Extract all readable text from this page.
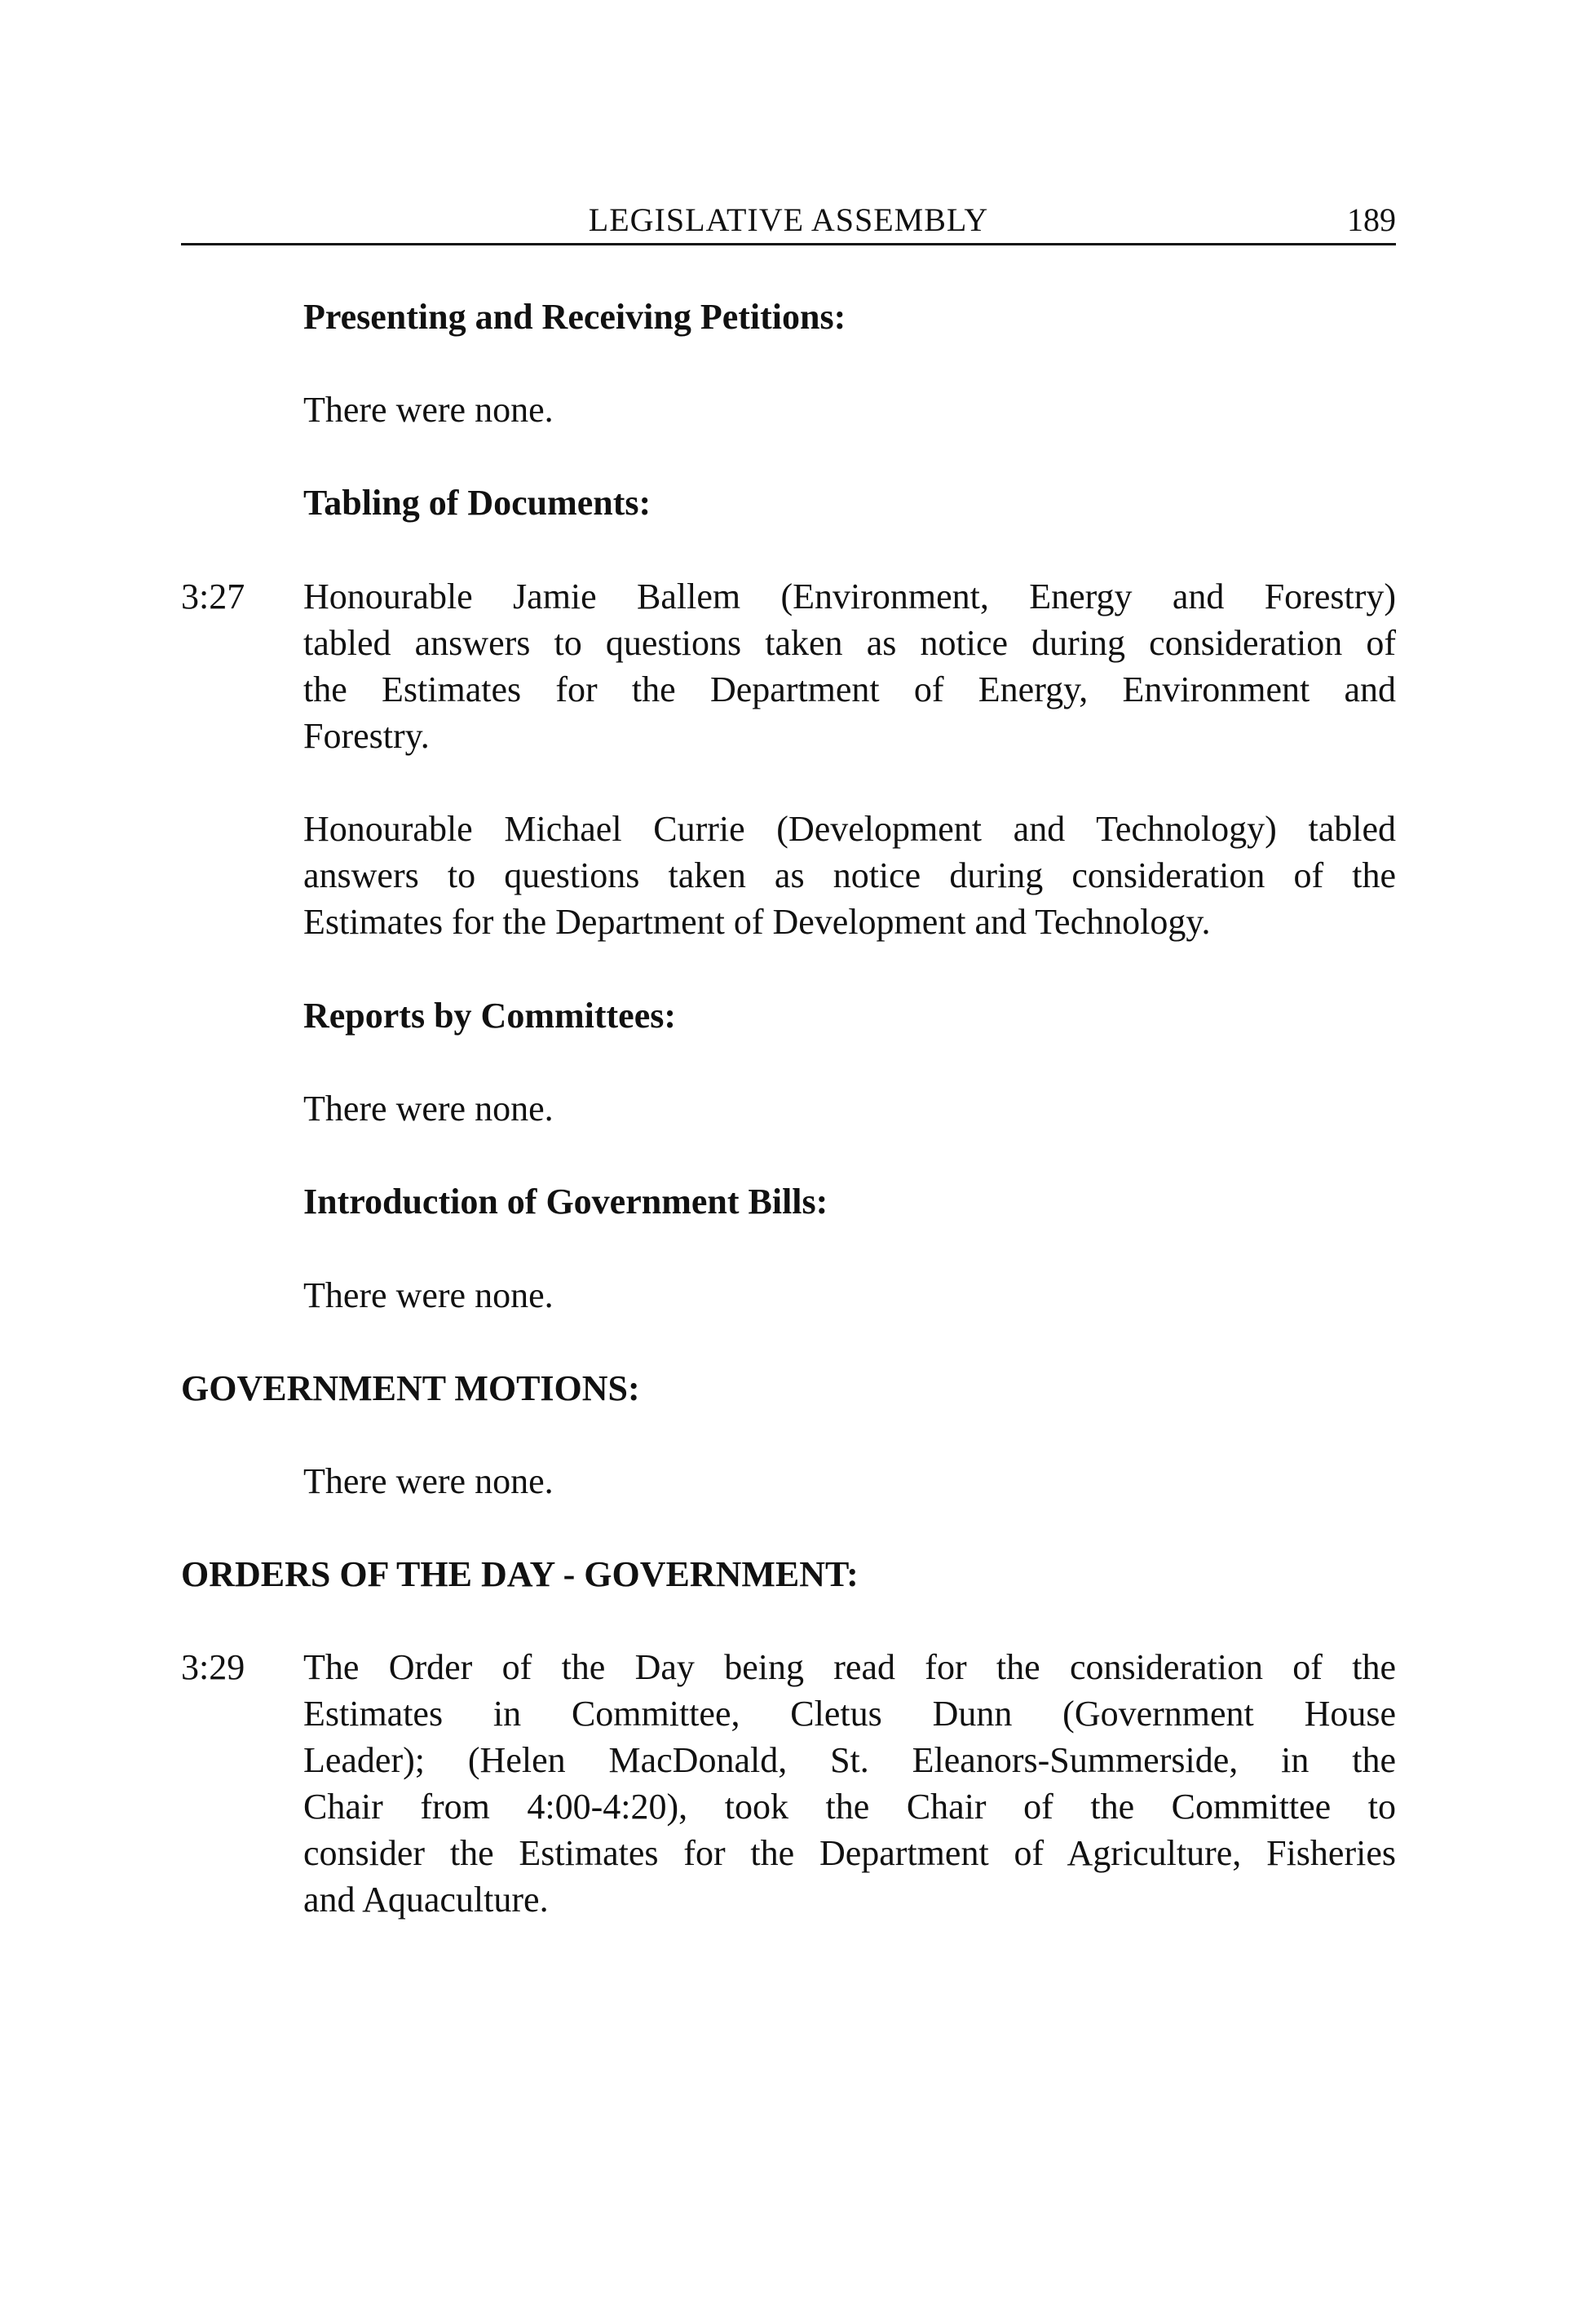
LEGISLATIVE ASSEMBLY	189
Presenting and Receiving Petitions:
There were none.
Tabling of Documents:
3:27 Honourable Jamie Ballem (Environment, Energy and Forestry)
tabled answers to questions taken as notice during consideration of
the Estimates for the Department of Energy, Environment and
Forestry.
Honourable Michael Currie (Development and Technology) tabled
answers to questions taken as notice during consideration of the
Estimates for the Department of Development and Technology.
Reports by Committees:
There were none.
Introduction of Government Bills:
There were none.
GOVERNMENT MOTIONS:
There were none.
ORDERS OF THE DAY - GOVERNMENT:
3:29 The Order of the Day being read for the consideration of the
Estimates in Committee, Cletus Dunn (Government House
Leader); (Helen MacDonald, St. Eleanors-Summerside, in the
Chair from 4:00-4:20), took the Chair of the Committee to
consider the Estimates for the Department of Agriculture, Fisheries
and Aquaculture.
